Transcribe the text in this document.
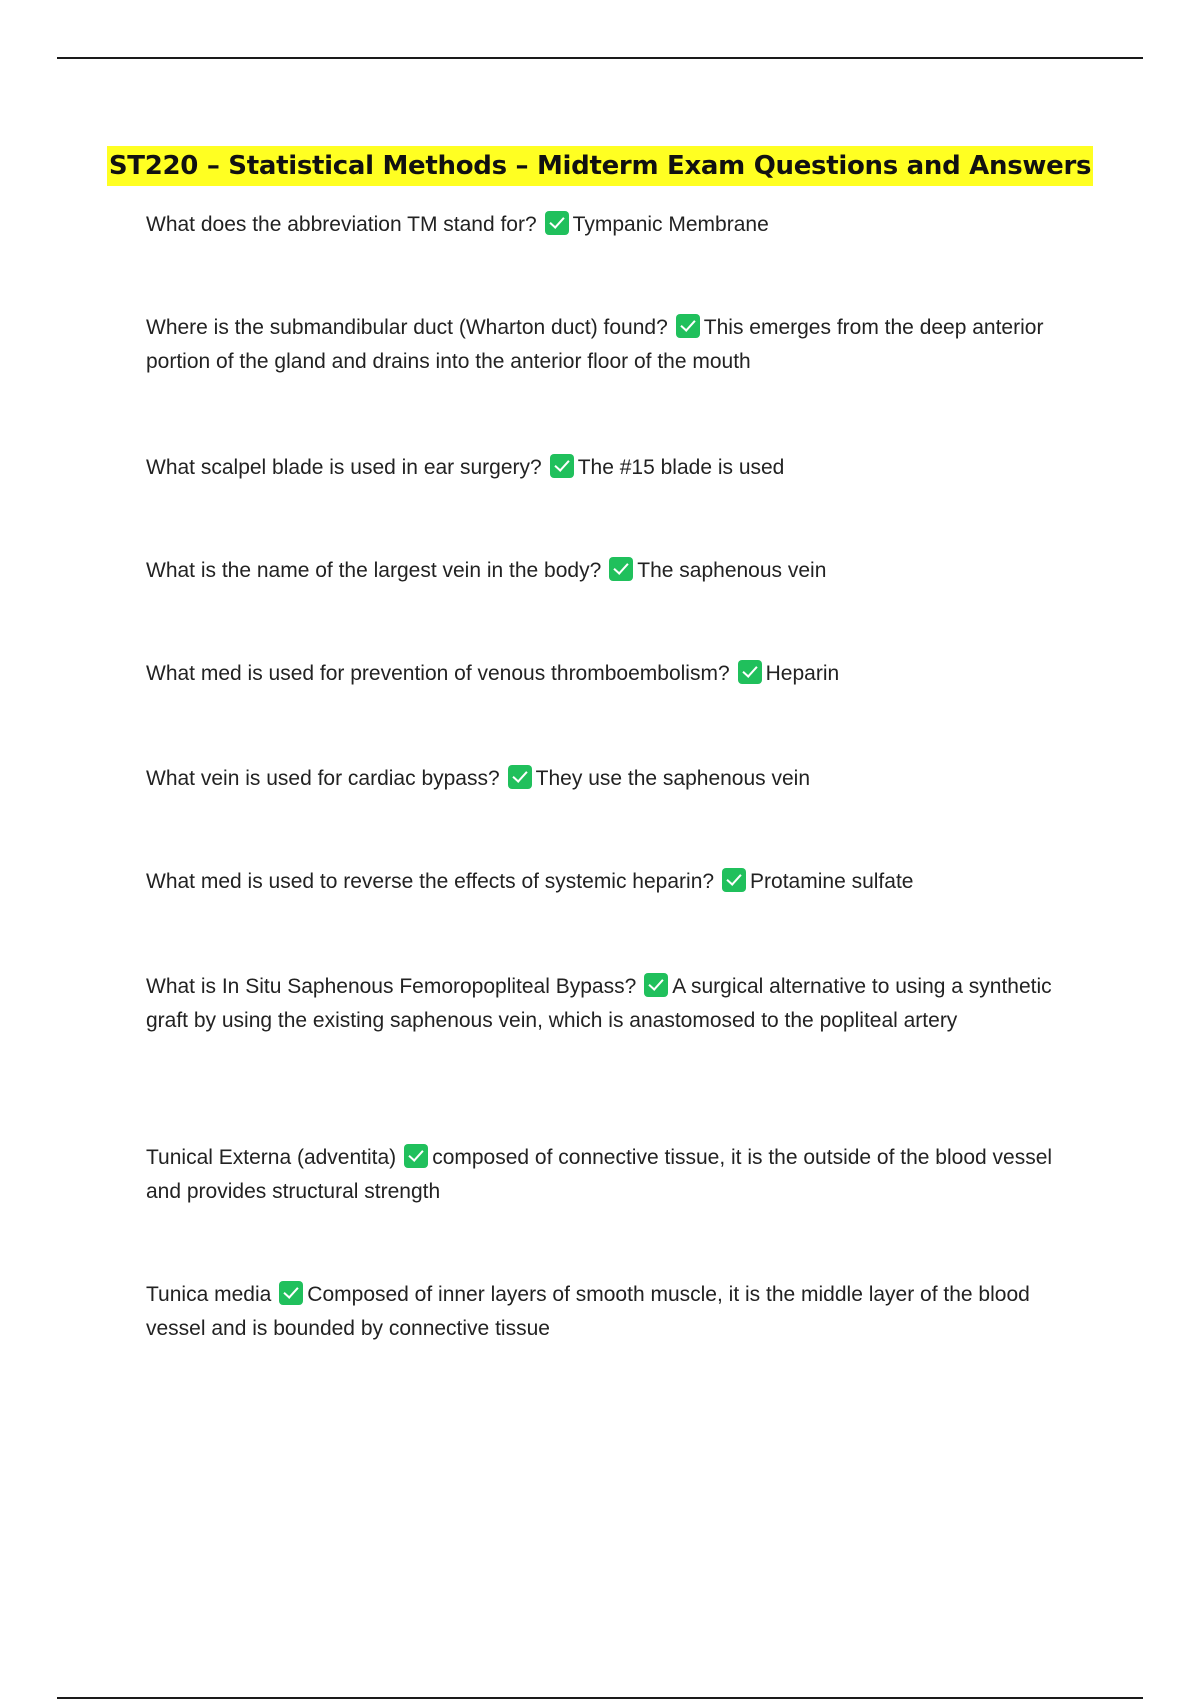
ST220 – Statistical Methods – Midterm Exam Questions and Answers
What does the abbreviation TM stand for? Tympanic Membrane
Where is the submandibular duct (Wharton duct) found? This emerges from the deep anterior portion of the gland and drains into the anterior floor of the mouth
What scalpel blade is used in ear surgery? The #15 blade is used
What is the name of the largest vein in the body? The saphenous vein
What med is used for prevention of venous thromboembolism? Heparin
What vein is used for cardiac bypass? They use the saphenous vein
What med is used to reverse the effects of systemic heparin? Protamine sulfate
What is In Situ Saphenous Femoropopliteal Bypass? A surgical alternative to using a synthetic graft by using the existing saphenous vein, which is anastomosed to the popliteal artery
Tunical Externa (adventita) composed of connective tissue, it is the outside of the blood vessel and provides structural strength
Tunica media Composed of inner layers of smooth muscle, it is the middle layer of the blood vessel and is bounded by connective tissue
